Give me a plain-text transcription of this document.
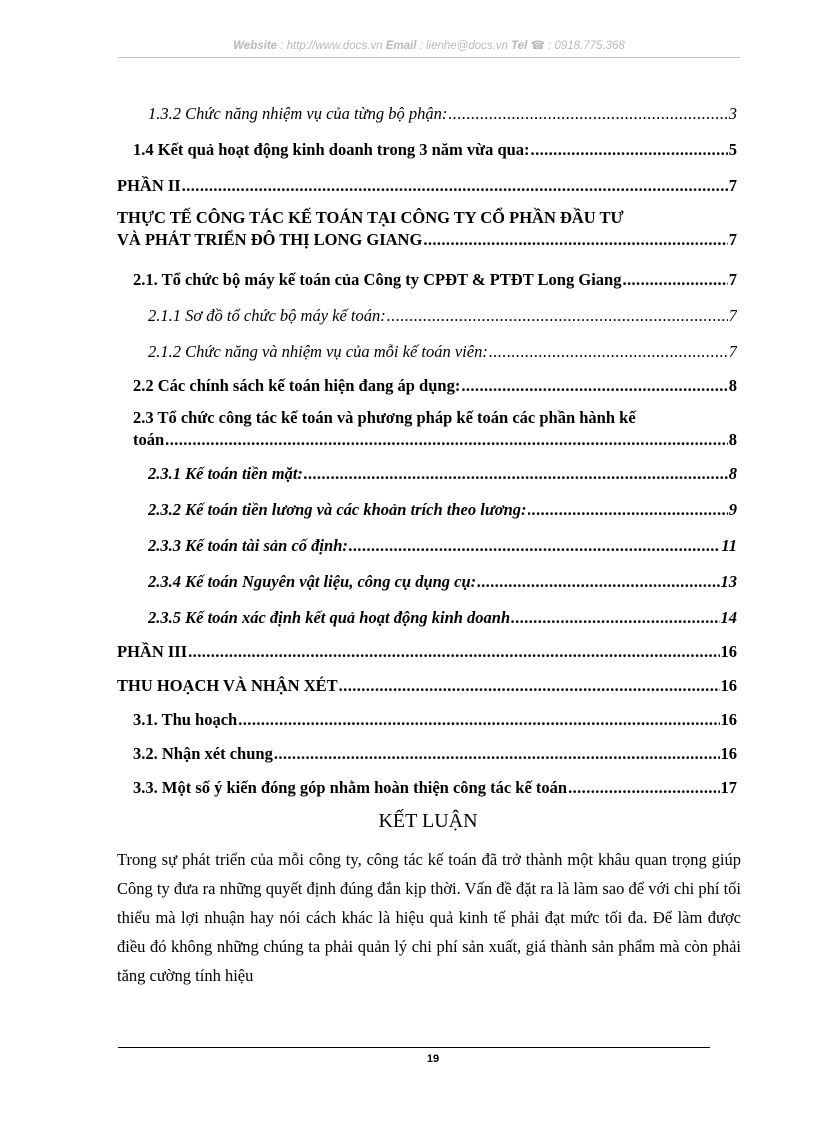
Website : http://www.docs.vn Email : lienhe@docs.vn Tel ☎ : 0918.775.368
1.3.2 Chức năng nhiệm vụ của từng bộ phận: .....	3
1.4 Kết quả hoạt động kinh doanh trong 3 năm vừa qua: .....	5
PHẦN II .....	7
THỰC TẾ CÔNG TÁC KẾ TOÁN TẠI CÔNG TY CỔ PHẦN ĐẦU TƯ
VÀ PHÁT TRIỂN ĐÔ THỊ LONG GIANG .....	7
2.1. Tổ chức bộ máy kế toán của Công ty CPĐT & PTĐT Long Giang .....	7
2.1.1 Sơ đồ tổ chức bộ máy kế toán: .....	7
2.1.2 Chức năng và nhiệm vụ của mỗi kế toán viên: .....	7
2.2 Các chính sách kế toán hiện đang áp dụng: .....	8
2.3 Tổ chức công tác kế toán và phương pháp kế toán các phần hành kế
toán .....	8
2.3.1 Kế toán tiền mặt: .....	8
2.3.2 Kế toán tiền lương và các khoản trích theo lương: .....	9
2.3.3 Kế toán tài sản cố định: .....	11
2.3.4 Kế toán Nguyên vật liệu, công cụ dụng cụ: .....	13
2.3.5 Kế toán xác định kết quả hoạt động kinh doanh .....	14
PHẦN III .....	16
THU HOẠCH VÀ NHẬN XÉT .....	16
3.1. Thu hoạch .....	16
3.2. Nhận xét chung .....	16
3.3. Một số ý kiến đóng góp nhằm hoàn thiện công tác kế toán .....	17
KẾT LUẬN
Trong sự phát triển của mỗi công ty, công tác kế toán đã trở thành một khâu quan trọng giúp Công ty đưa ra những quyết định đúng đắn kịp thời. Vấn đề đặt ra là làm sao để với chi phí tối thiểu mà lợi nhuận hay nói cách khác là hiệu quả kinh tế phải đạt mức tối đa. Để làm được điều đó không những chúng ta phải quản lý chi phí sản xuất, giá thành sản phẩm mà còn phải tăng cường tính hiệu
19
